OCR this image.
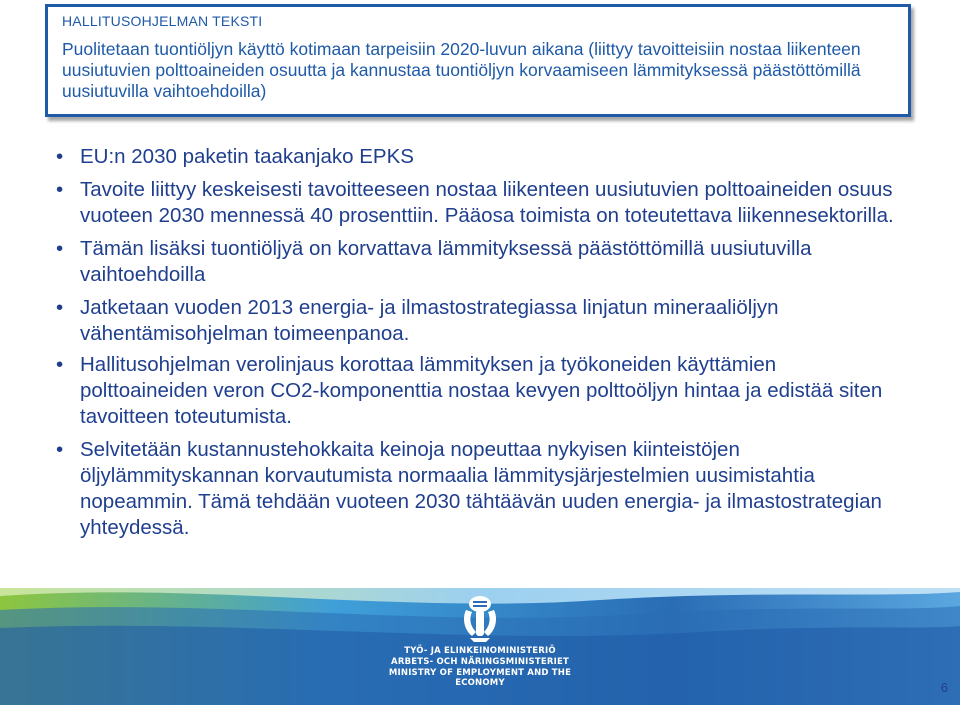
HALLITUSOHJELMAN TEKSTI
Puolitetaan tuontiöljyn käyttö kotimaan tarpeisiin 2020-luvun aikana (liittyy tavoitteisiin nostaa liikenteen uusiutuvien polttoaineiden osuutta ja kannustaa tuontiöljyn korvaamiseen lämmityksessä päästöttömillä uusiutuvilla vaihtoehdoilla)
• EU:n 2030 paketin taakanjako EPKS
• Tavoite liittyy keskeisesti tavoitteeseen nostaa liikenteen uusiutuvien polttoaineiden osuus vuoteen 2030 mennessä 40 prosenttiin. Pääosa toimista on toteutettava liikennesektorilla.
• Tämän lisäksi tuontiöljyä on korvattava lämmityksessä päästöttömillä uusiutuvilla vaihtoehdoilla
• Jatketaan vuoden 2013 energia- ja ilmastostrategiassa linjatun mineraaliöljyn vähentämisohjelman toimeenpanoa.
• Hallitusohjelman verolinjaus korottaa lämmityksen ja työkoneiden käyttämien polttoaineiden veron CO2-komponenttia nostaa kevyen polttoöljyn hintaa ja edistää siten tavoitteen toteutumista.
• Selvitetään kustannustehokkaita keinoja nopeuttaa nykyisen kiinteistöjen öljylämmityskannan korvautumista normaalia lämmitysjärjestelmien uusimistahtia nopeammin. Tämä tehdään vuoteen 2030 tähtäävän uuden energia- ja ilmastostrategian yhteydessä.
TYÖ- JA ELINKEINOMINISTERIÖ
ARBETS- OCH NÄRINGSMINISTERIET
MINISTRY OF EMPLOYMENT AND THE ECONOMY	6
